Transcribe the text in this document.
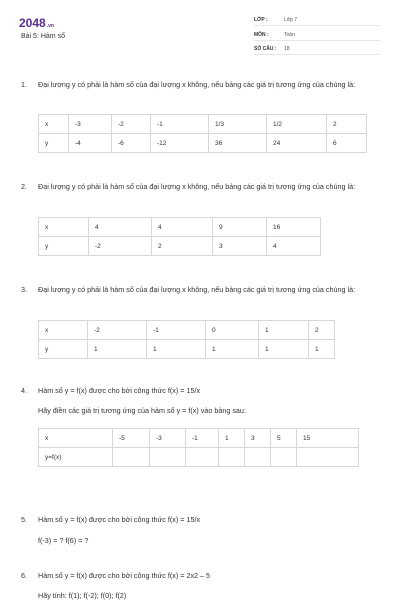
2048.vn
Bài 5: Hàm số
LỚP :	Lớp 7
MÔN :	Toán
SỐ CÂU : 18
1. Đại lượng y có phải là hàm số của đại lượng x không, nếu bảng các giá trị tương ứng của chúng là:
x	-3	-2	-1	1/3	1/2	2
y	-4	-6	-12	36	24	6
2. Đại lượng y có phải là hàm số của đại lượng x không, nếu bảng các giá trị tương ứng của chúng là:
x	4	4	9	16
y	-2	2	3	4
3. Đại lượng y có phải là hàm số của đại lượng x không, nếu bảng các giá trị tương ứng của chúng là:
x	-2	-1	0	1	2
y	1	1	1	1	1
4. Hàm số y = f(x) được cho bởi công thức f(x) = 15/x
Hãy điền các giá trị tương ứng của hàm số y = f(x) vào bảng sau:
x	-5	-3	-1	1	3	5	15
y=f(x)							
5. Hàm số y = f(x) được cho bởi công thức f(x) = 15/x
f(-3) = ? f(6) = ?
6. Hàm số y = f(x) được cho bởi công thức f(x) = 2x2 – 5
Hãy tính: f(1); f(-2); f(0); f(2)
